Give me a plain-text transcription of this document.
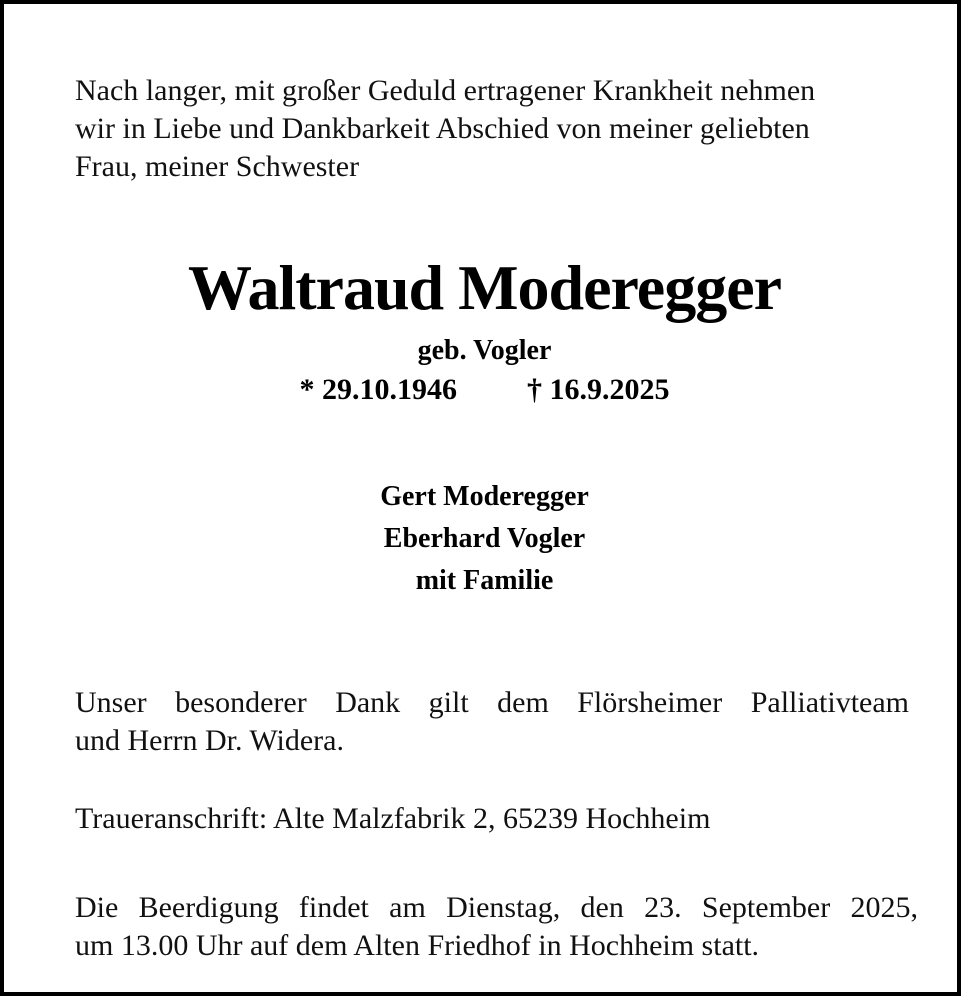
Nach langer, mit großer Geduld ertragener Krankheit nehmen
wir in Liebe und Dankbarkeit Abschied von meiner geliebten
Frau, meiner Schwester
Waltraud Moderegger
geb. Vogler
* 29.10.1946 † 16.9.2025
Gert Moderegger
Eberhard Vogler
mit Familie
Unser besonderer Dank gilt dem Flörsheimer Palliativteam
und Herrn Dr. Widera.
Traueranschrift: Alte Malzfabrik 2, 65239 Hochheim
Die Beerdigung findet am Dienstag, den 23. September 2025,
um 13.00 Uhr auf dem Alten Friedhof in Hochheim statt.
